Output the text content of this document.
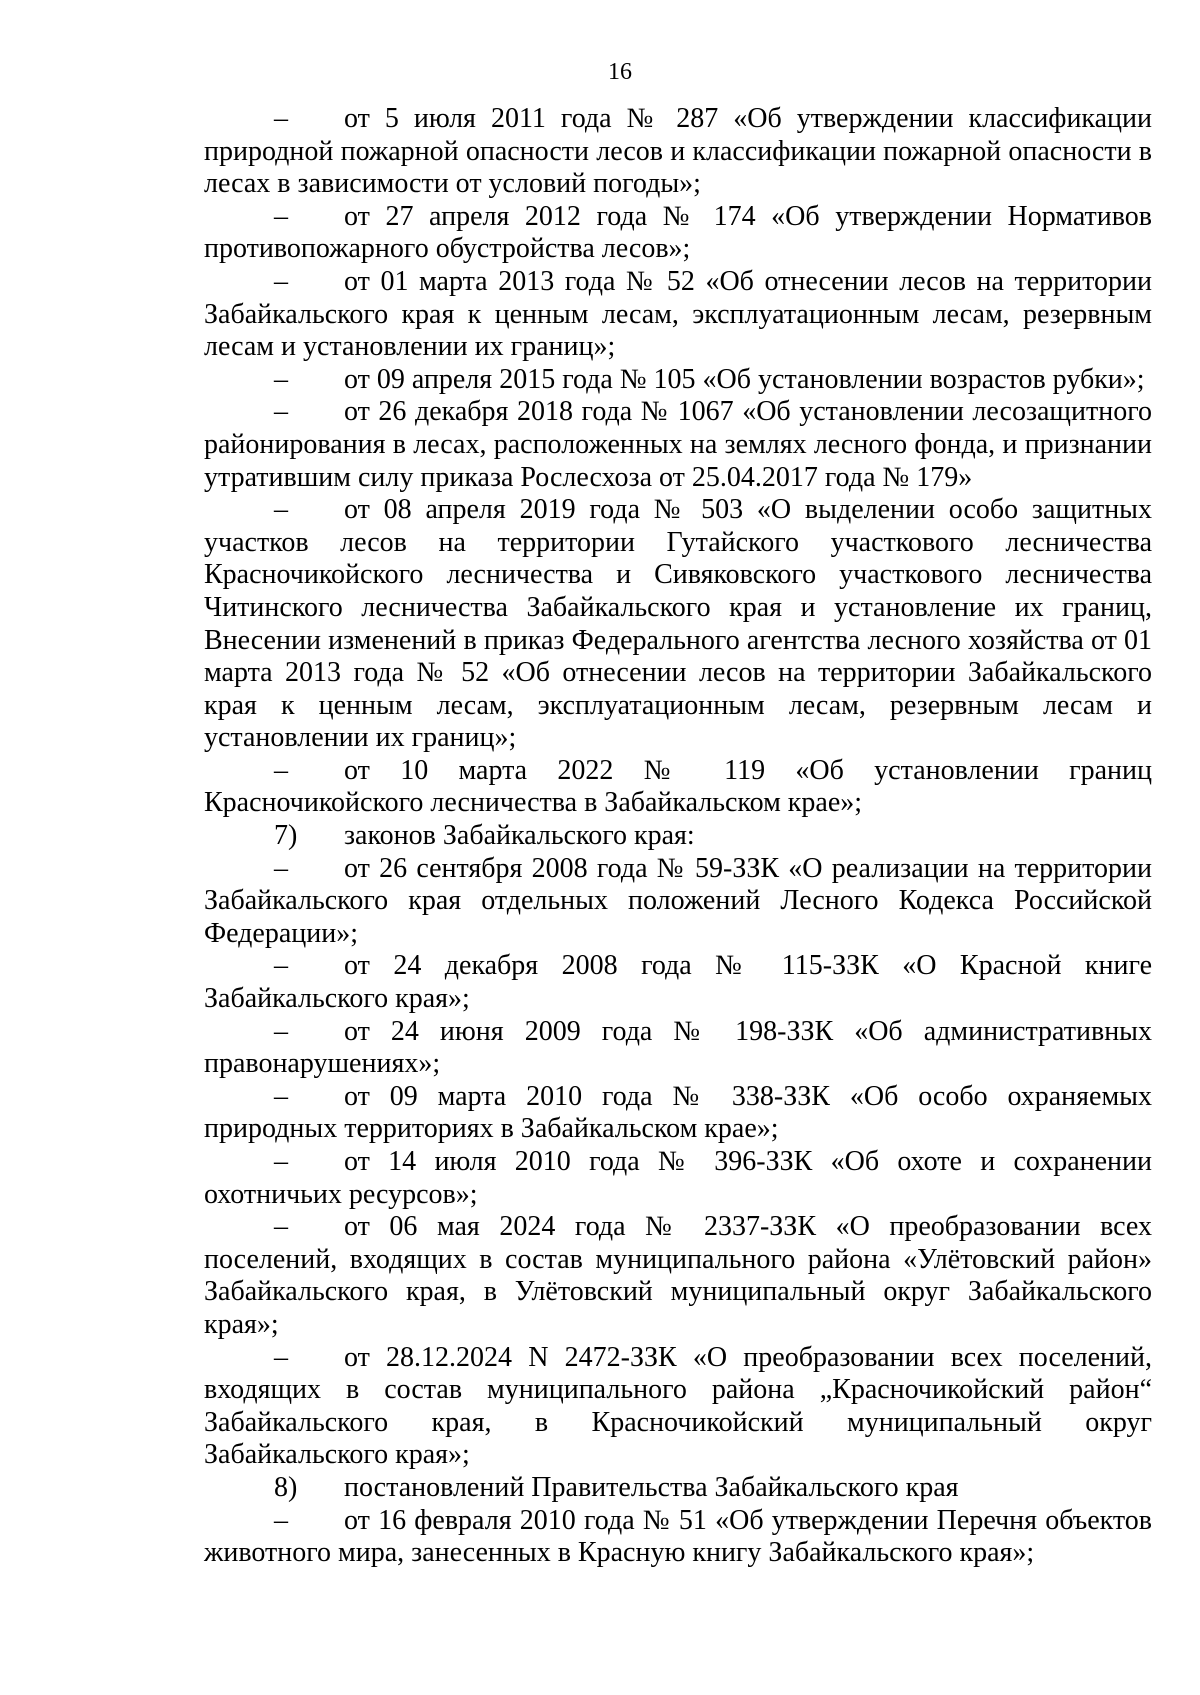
16

– от 5 июля 2011 года № 287 «Об утверждении классификации природной пожарной опасности лесов и классификации пожарной опасности в лесах в зависимости от условий погоды»;

– от 27 апреля 2012 года № 174 «Об утверждении Нормативов противопожарного обустройства лесов»;

– от 01 марта 2013 года № 52 «Об отнесении лесов на территории Забайкальского края к ценным лесам, эксплуатационным лесам, резервным лесам и установлении их границ»;

– от 09 апреля 2015 года № 105 «Об установлении возрастов рубки»;

– от 26 декабря 2018 года № 1067 «Об установлении лесозащитного районирования в лесах, расположенных на землях лесного фонда, и признании утратившим силу приказа Рослесхоза от 25.04.2017 года № 179»

– от 08 апреля 2019 года № 503 «О выделении особо защитных участков лесов на территории Гутайского участкового лесничества Красночикойского лесничества и Сивяковского участкового лесничества Читинского лесничества Забайкальского края и установление их границ, Внесении изменений в приказ Федерального агентства лесного хозяйства от 01 марта 2013 года № 52 «Об отнесении лесов на территории Забайкальского края к ценным лесам, эксплуатационным лесам, резервным лесам и установлении их границ»;

– от 10 марта 2022 № 119 «Об установлении границ Красночикойского лесничества в Забайкальском крае»;

7) законов Забайкальского края:

– от 26 сентября 2008 года № 59-ЗЗК «О реализации на территории Забайкальского края отдельных положений Лесного Кодекса Российской Федерации»;

– от 24 декабря 2008 года № 115-ЗЗК «О Красной книге Забайкальского края»;

– от 24 июня 2009 года № 198-ЗЗК «Об административных правонарушениях»;

– от 09 марта 2010 года № 338-ЗЗК «Об особо охраняемых природных территориях в Забайкальском крае»;

– от 14 июля 2010 года № 396-ЗЗК «Об охоте и сохранении охотничьих ресурсов»;

– от 06 мая 2024 года № 2337-ЗЗК «О преобразовании всех поселений, входящих в состав муниципального района «Улётовский район» Забайкальского края, в Улётовский муниципальный округ Забайкальского края»;

– от 28.12.2024 N 2472-ЗЗК «О преобразовании всех поселений, входящих в состав муниципального района „Красночикойский район“ Забайкальского края, в Красночикойский муниципальный округ Забайкальского края»;

8) постановлений Правительства Забайкальского края

– от 16 февраля 2010 года № 51 «Об утверждении Перечня объектов животного мира, занесенных в Красную книгу Забайкальского края»;
